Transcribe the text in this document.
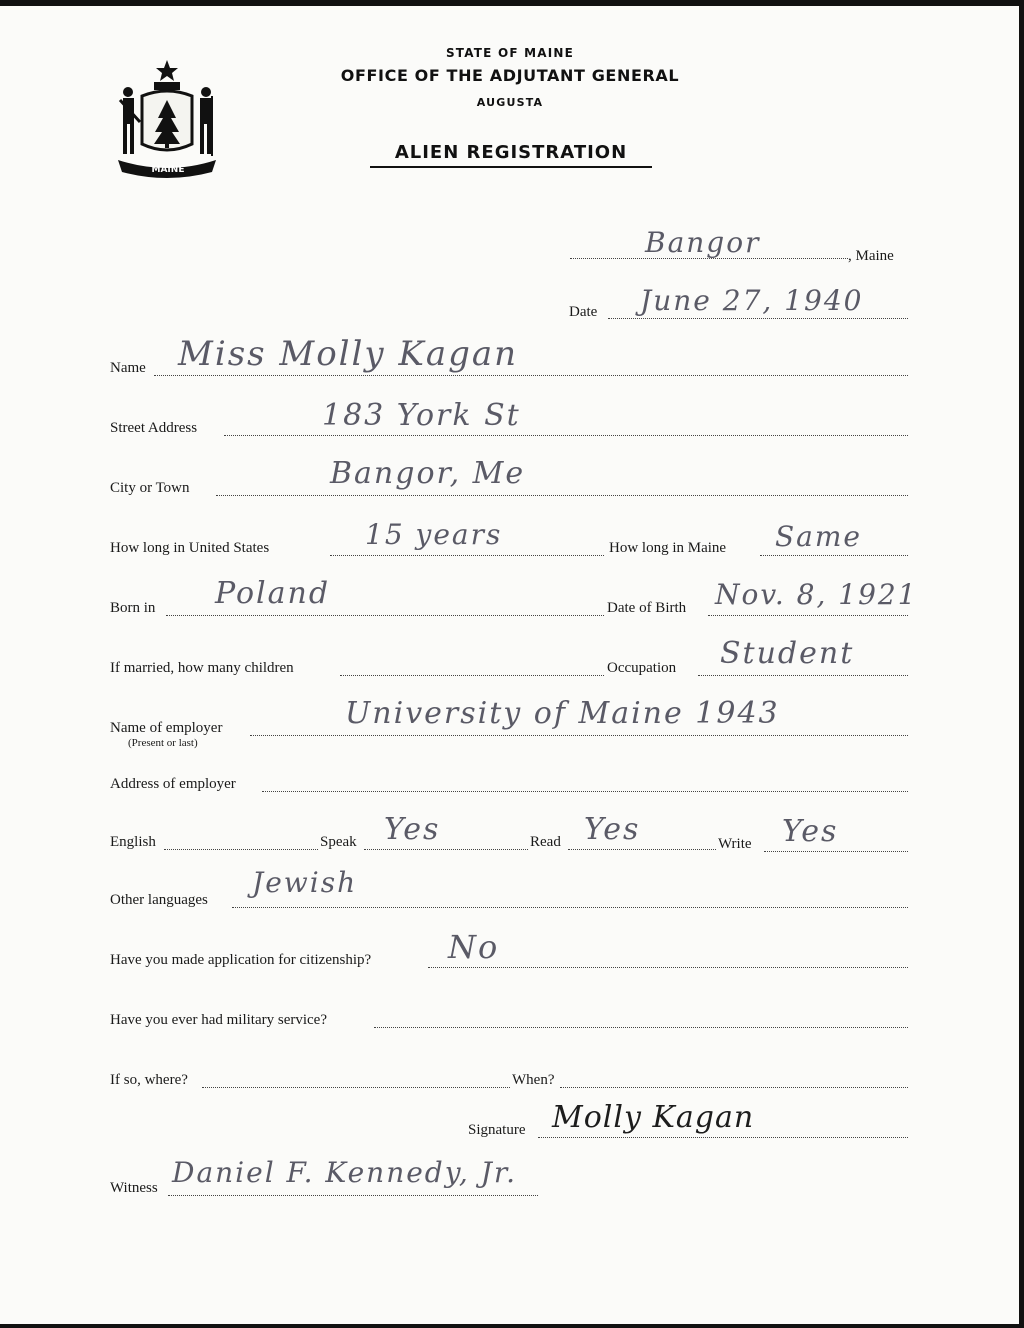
MAINE
STATE OF MAINE
OFFICE OF THE ADJUTANT GENERAL
AUGUSTA
ALIEN REGISTRATION
Bangor	, Maine
Date June 27, 1940
Name Miss Molly Kagan
Street Address	183 York St
City or Town	Bangor, Me
How long in United States	15 years	How long in Maine Same
Born in Poland	Date of Birth Nov. 8, 1921
If married, how many children	Occupation Student
Name of employer
(Present or last)
University of Maine 1943
Address of employer
English	Speak Yes	Read Yes	Write Yes
Other languages
Jewish
Have you made application for citizenship? No
Have you ever had military service?
If so, where?	When?
Signature Molly Kagan
Witness Daniel F. Kennedy, Jr.
